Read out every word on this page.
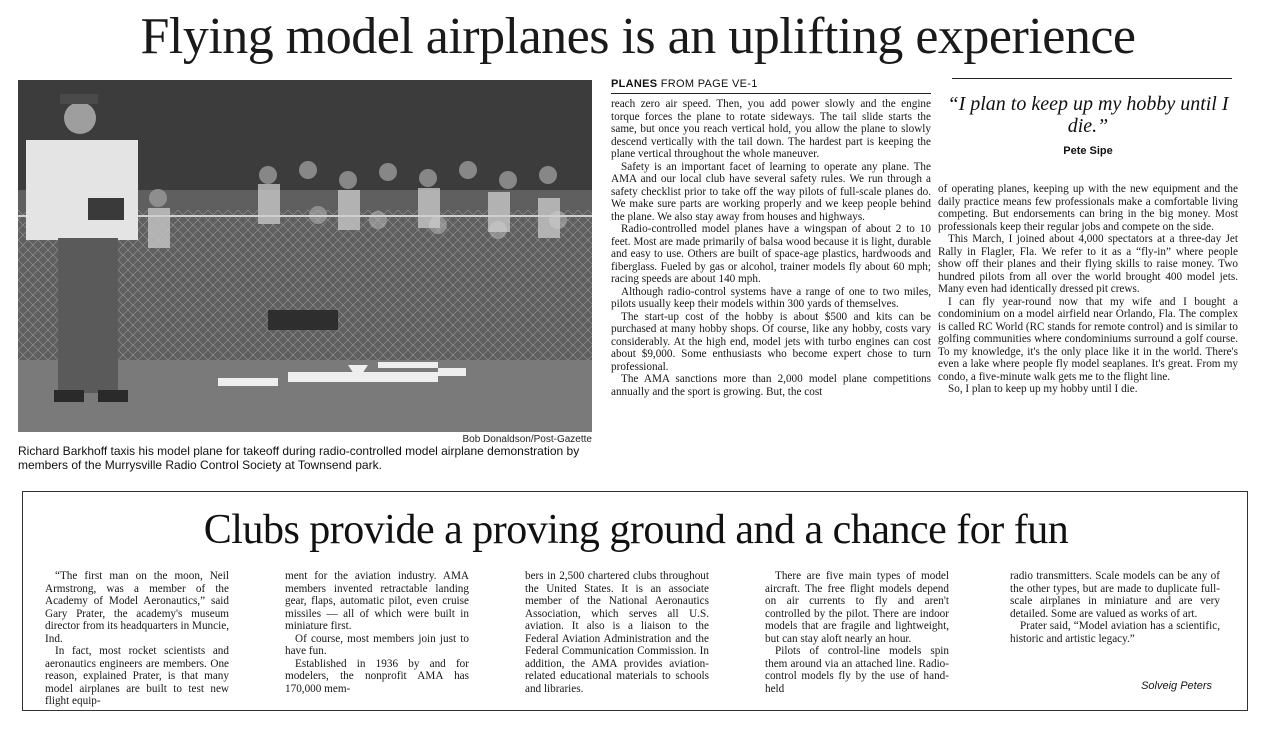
Flying model airplanes is an uplifting experience
Bob Donaldson/Post-Gazette
Richard Barkhoff taxis his model plane for takeoff during radio-controlled model airplane demonstration by members of the Murrysville Radio Control Society at Townsend park.
PLANES FROM PAGE VE-1

reach zero air speed. Then, you add power slowly and the engine torque forces the plane to rotate sideways. The tail slide starts the same, but once you reach vertical hold, you allow the plane to slowly descend vertically with the tail down. The hardest part is keeping the plane vertical throughout the whole maneuver.

Safety is an important facet of learning to operate any plane. The AMA and our local club have several safety rules. We run through a safety checklist prior to take off the way pilots of full-scale planes do. We make sure parts are working properly and we keep people behind the plane. We also stay away from houses and highways.

Radio-controlled model planes have a wingspan of about 2 to 10 feet. Most are made primarily of balsa wood because it is light, durable and easy to use. Others are built of space-age plastics, hardwoods and fiberglass. Fueled by gas or alcohol, trainer models fly about 60 mph; racing speeds are about 140 mph.

Although radio-control systems have a range of one to two miles, pilots usually keep their models within 300 yards of themselves.

The start-up cost of the hobby is about $500 and kits can be purchased at many hobby shops. Of course, like any hobby, costs vary considerably. At the high end, model jets with turbo engines can cost about $9,000. Some enthusiasts who become expert chose to turn professional.

The AMA sanctions more than 2,000 model plane competitions annually and the sport is growing. But, the cost

“I plan to keep up my hobby until I die.”
Pete Sipe

of operating planes, keeping up with the new equipment and the daily practice means few professionals make a comfortable living competing. But endorsements can bring in the big money. Most professionals keep their regular jobs and compete on the side.

This March, I joined about 4,000 spectators at a three-day Jet Rally in Flagler, Fla. We refer to it as a “fly-in” where people show off their planes and their flying skills to raise money. Two hundred pilots from all over the world brought 400 model jets. Many even had identically dressed pit crews.

I can fly year-round now that my wife and I bought a condominium on a model airfield near Orlando, Fla. The complex is called RC World (RC stands for remote control) and is similar to golfing communities where condominiums surround a golf course. To my knowledge, it's the only place like it in the world. There's even a lake where people fly model seaplanes. It's great. From my condo, a five-minute walk gets me to the flight line.

So, I plan to keep up my hobby until I die.

Clubs provide a proving ground and a chance for fun

“The first man on the moon, Neil Armstrong, was a member of the Academy of Model Aeronautics,” said Gary Prater, the academy's museum director from its headquarters in Muncie, Ind.

In fact, most rocket scientists and aeronautics engineers are members. One reason, explained Prater, is that many model airplanes are built to test new flight equip-

ment for the aviation industry. AMA members invented retractable landing gear, flaps, automatic pilot, even cruise missiles — all of which were built in miniature first.

Of course, most members join just to have fun.

Established in 1936 by and for modelers, the nonprofit AMA has 170,000 mem-

bers in 2,500 chartered clubs throughout the United States. It is an associate member of the National Aeronautics Association, which serves all U.S. aviation. It also is a liaison to the Federal Aviation Administration and the Federal Communication Commission. In addition, the AMA provides aviation-related educational materials to schools and libraries.

There are five main types of model aircraft. The free flight models depend on air currents to fly and aren't controlled by the pilot. There are indoor models that are fragile and lightweight, but can stay aloft nearly an hour.

Pilots of control-line models spin them around via an attached line. Radio-control models fly by the use of hand-held

radio transmitters. Scale models can be any of the other types, but are made to duplicate full-scale airplanes in miniature and are very detailed. Some are valued as works of art.

Prater said, “Model aviation has a scientific, historic and artistic legacy.”

Solveig Peters
